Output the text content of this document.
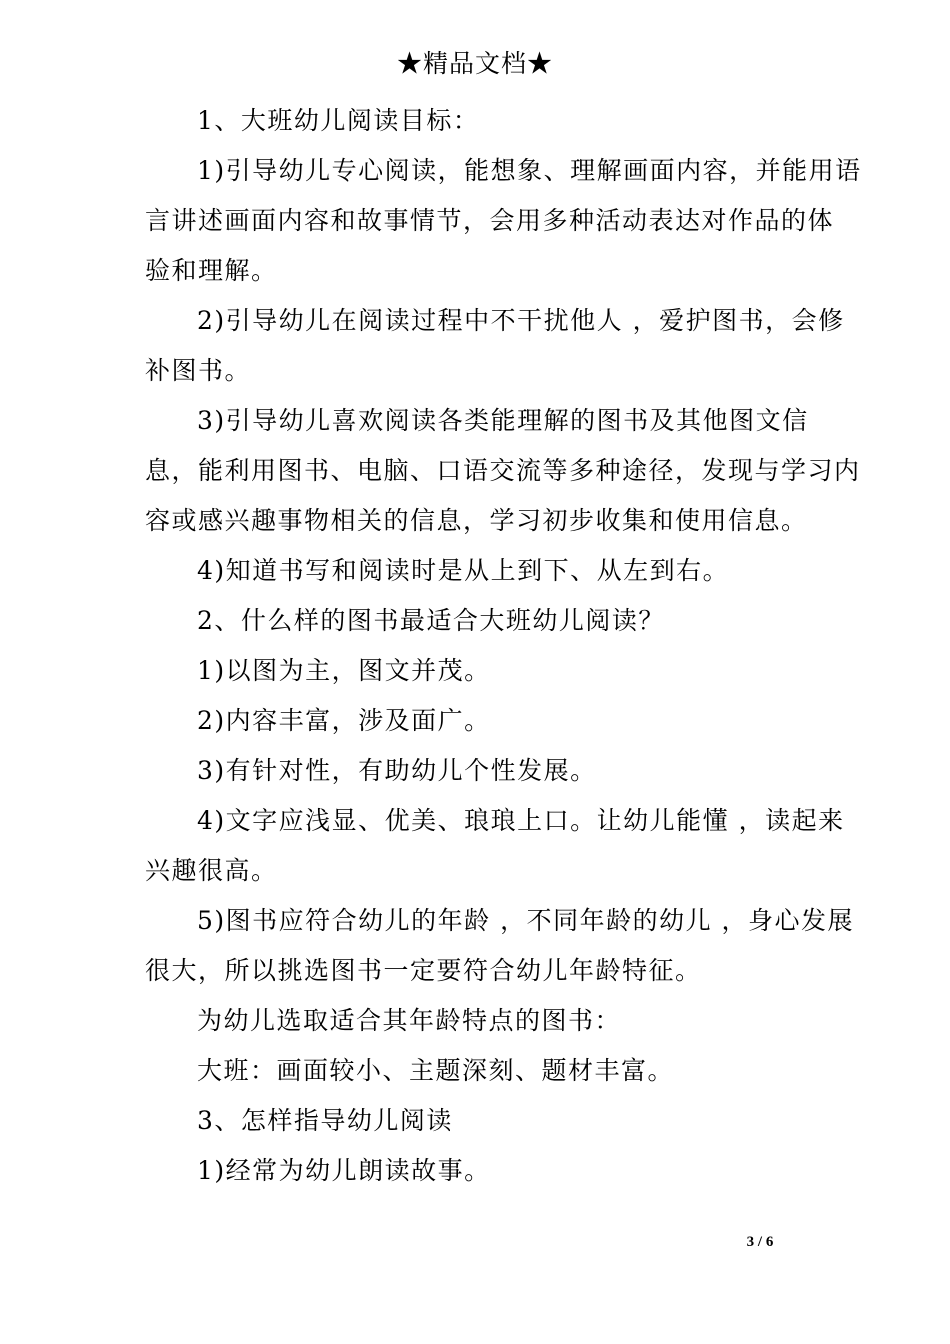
★精品文档★
1、大班幼儿阅读目标：
1)引导幼儿专心阅读，能想象、理解画面内容，并能用语
言讲述画面内容和故事情节，会用多种活动表达对作品的体
验和理解。
2)引导幼儿在阅读过程中不干扰他人 ，爱护图书，会修
补图书。
3)引导幼儿喜欢阅读各类能理解的图书及其他图文信
息，能利用图书、电脑、口语交流等多种途径，发现与学习内
容或感兴趣事物相关的信息，学习初步收集和使用信息。
4)知道书写和阅读时是从上到下、从左到右。
2、什么样的图书最适合大班幼儿阅读？
1)以图为主，图文并茂。
2)内容丰富，涉及面广。
3)有针对性，有助幼儿个性发展。
4)文字应浅显、优美、琅琅上口。让幼儿能懂 ，读起来
兴趣很高。
5)图书应符合幼儿的年龄 ，不同年龄的幼儿 ，身心发展
很大，所以挑选图书一定要符合幼儿年龄特征。
为幼儿选取适合其年龄特点的图书：
大班：画面较小、主题深刻、题材丰富。
3、怎样指导幼儿阅读
1)经常为幼儿朗读故事。
3 / 6
